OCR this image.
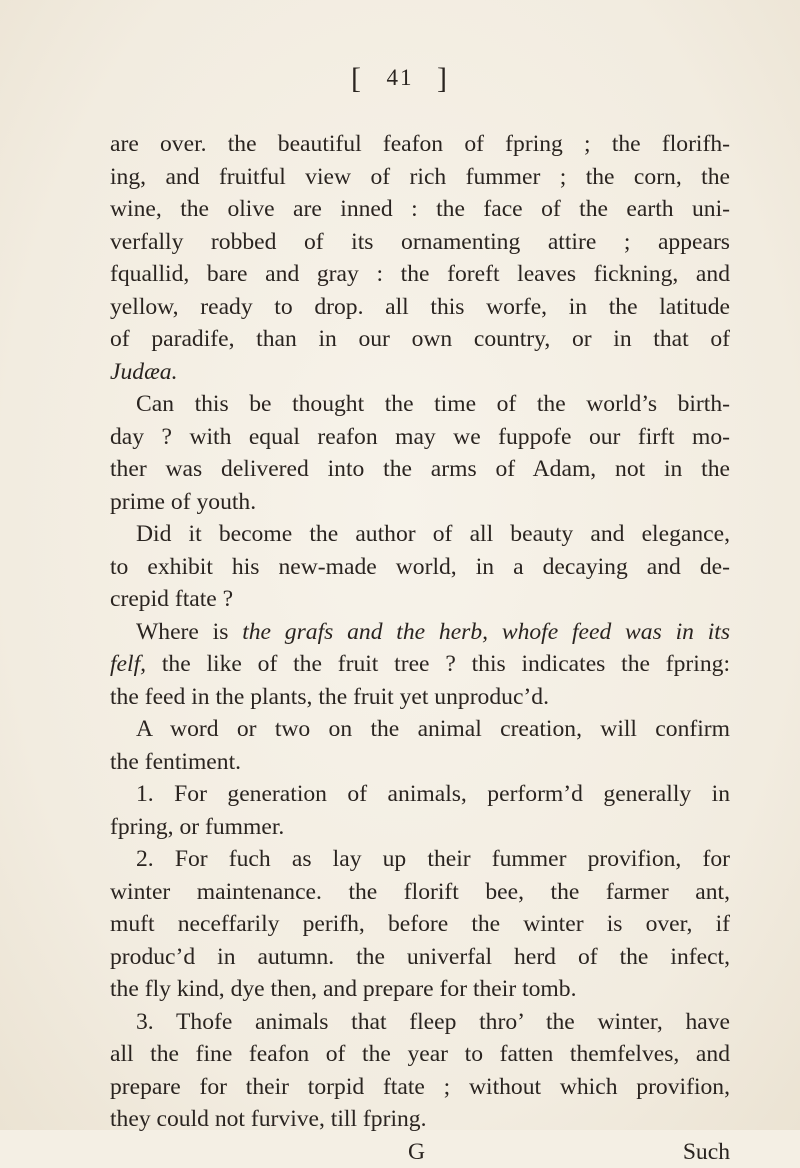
[ 41 ]
are over. the beautiful feafon of fpring ; the florifh-
ing, and fruitful view of rich fummer ; the corn, the
wine, the olive are inned : the face of the earth uni-
verfally robbed of its ornamenting attire ; appears
fquallid, bare and gray : the foreft leaves fickning, and
yellow, ready to drop. all this worfe, in the latitude
of paradife, than in our own country, or in that of
Judæa.
Can this be thought the time of the world’s birth-
day ? with equal reafon may we fuppofe our firft mo-
ther was delivered into the arms of Adam, not in the
prime of youth.
Did it become the author of all beauty and elegance,
to exhibit his new-made world, in a decaying and de-
crepid ftate ?
Where is the grafs and the herb, whofe feed was in its
felf, the like of the fruit tree ? this indicates the fpring:
the feed in the plants, the fruit yet unproduc’d.
A word or two on the animal creation, will confirm
the fentiment.
1. For generation of animals, perform’d generally in
fpring, or fummer.
2. For fuch as lay up their fummer provifion, for
winter maintenance. the florift bee, the farmer ant,
muft neceffarily perifh, before the winter is over, if
produc’d in autumn. the univerfal herd of the infect,
the fly kind, dye then, and prepare for their tomb.
3. Thofe animals that fleep thro’ the winter, have
all the fine feafon of the year to fatten themfelves, and
prepare for their torpid ftate ; without which provifion,
they could not furvive, till fpring.
G	Such
